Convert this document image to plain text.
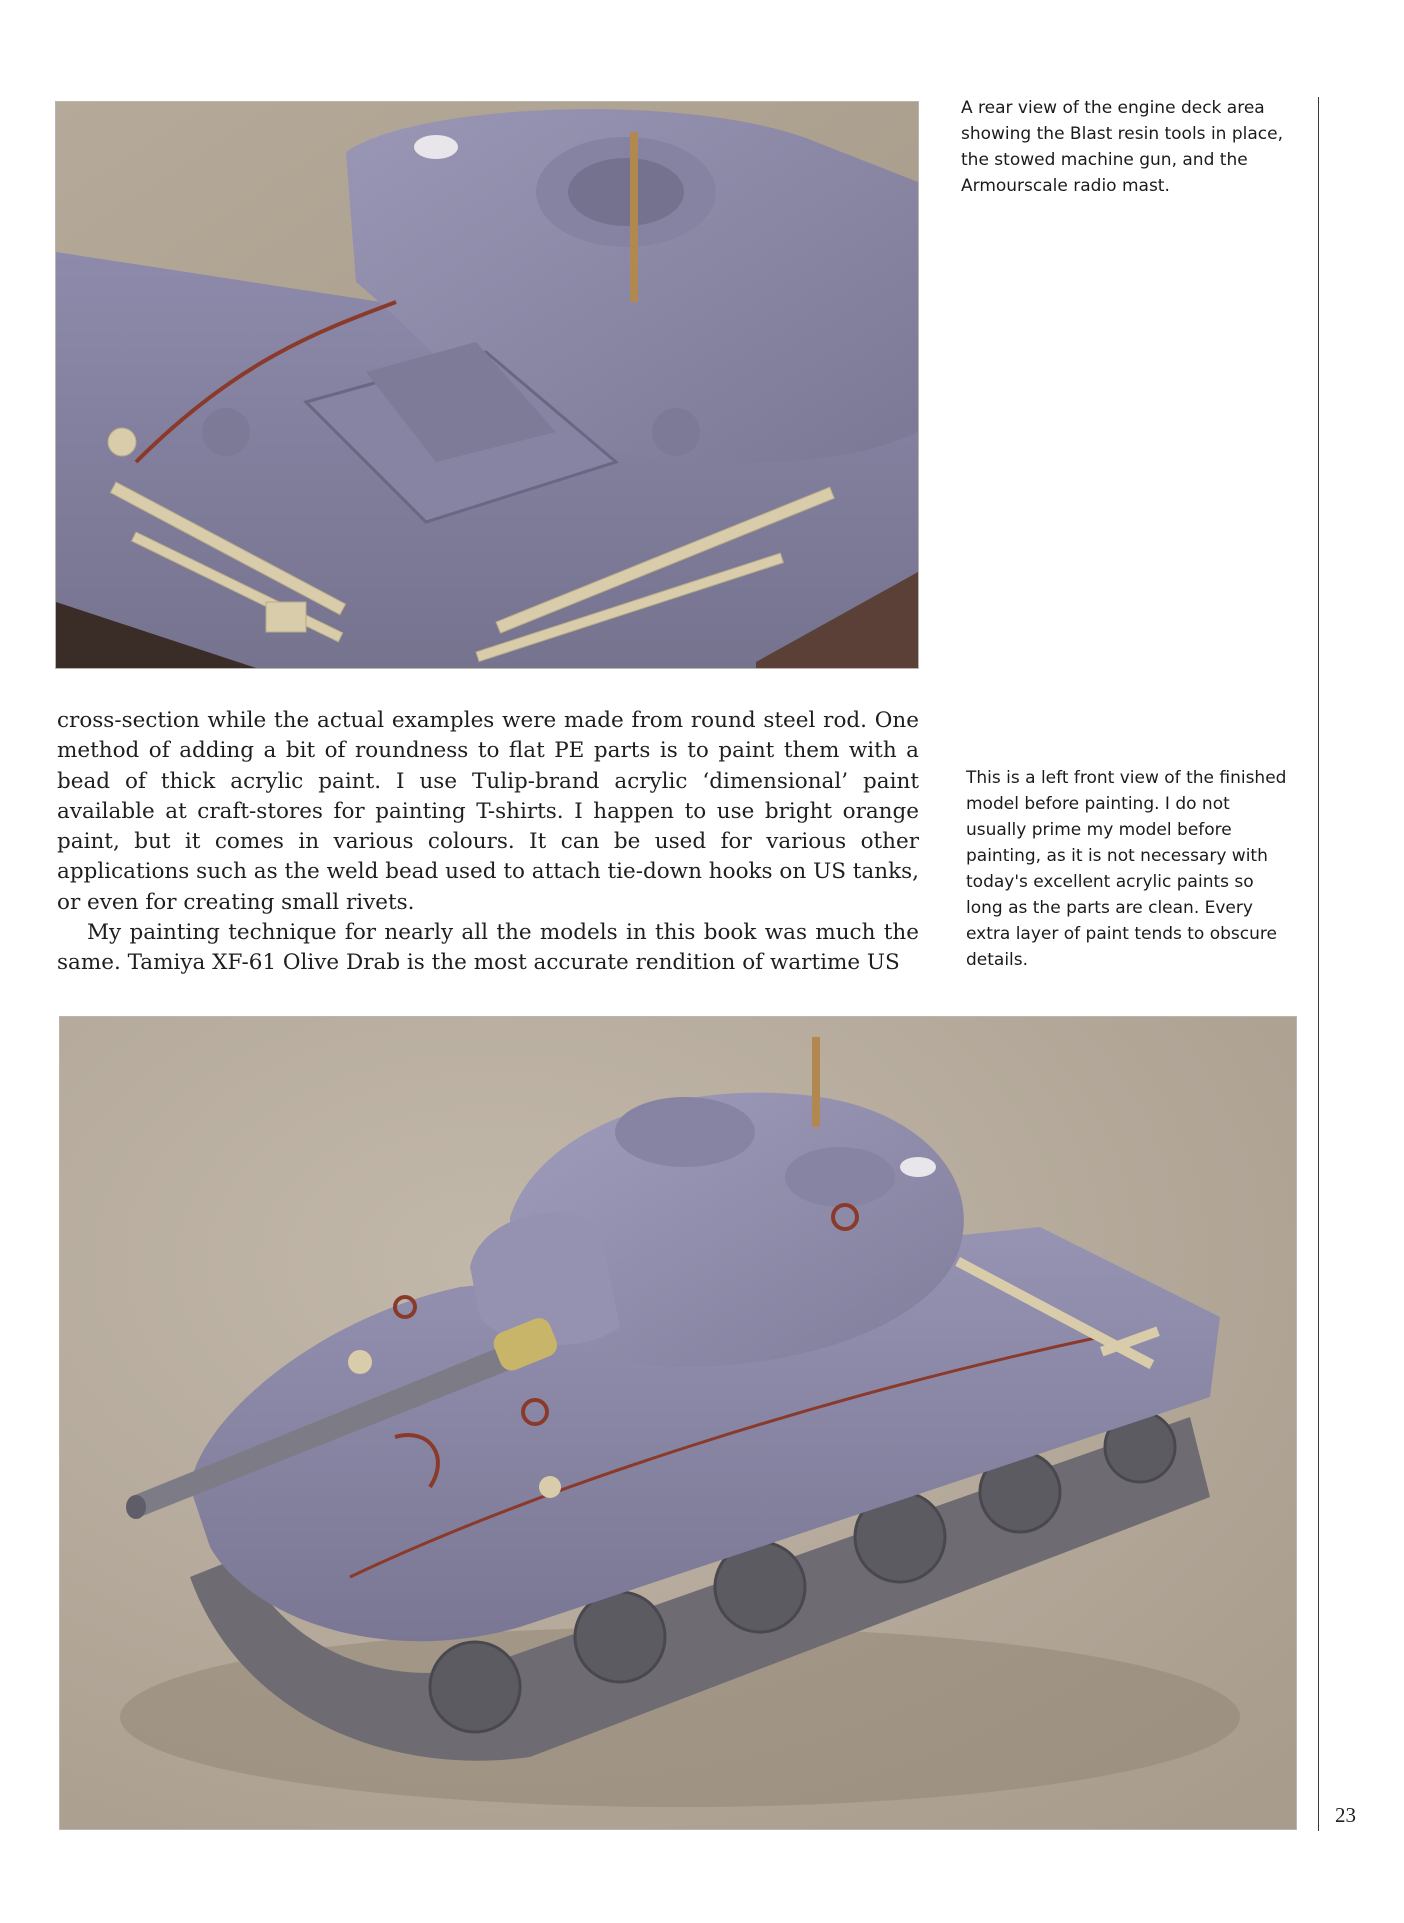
A rear view of the engine deck area showing the Blast resin tools in place, the stowed machine gun, and the Armourscale radio mast.

cross-section while the actual examples were made from round steel rod. One method of adding a bit of roundness to flat PE parts is to paint them with a bead of thick acrylic paint. I use Tulip-brand acrylic ‘dimensional’ paint available at craft-stores for painting T-shirts. I happen to use bright orange paint, but it comes in various colours. It can be used for various other applications such as the weld bead used to attach tie-down hooks on US tanks, or even for creating small rivets.

My painting technique for nearly all the models in this book was much the same. Tamiya XF-61 Olive Drab is the most accurate rendition of wartime US

This is a left front view of the finished model before painting. I do not usually prime my model before painting, as it is not necessary with today's excellent acrylic paints so long as the parts are clean. Every extra layer of paint tends to obscure details.
23
